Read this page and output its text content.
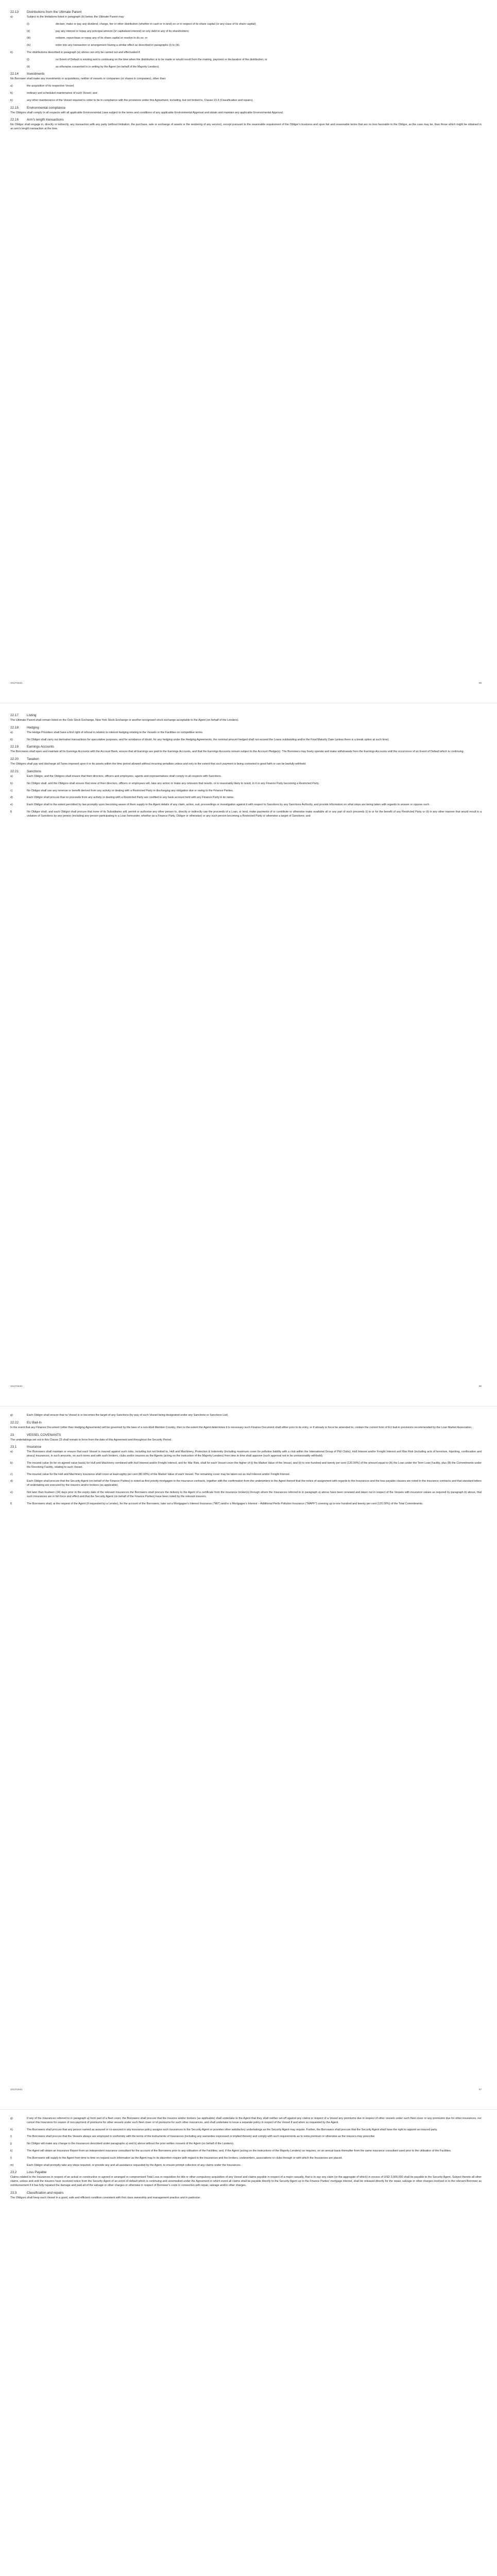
22.13	Distributions from the Ultimate Parent
a)	Subject to the limitations listed in paragraph (b) below, the Ultimate Parent may:
(i)	declare, make or pay any dividend, charge, fee or other distribution (whether in cash or in kind) on or in respect of its share capital (or any class of its share capital);
(ii)	pay any interest or repay any principal amount (or capitalised interest) on any debt to any of its shareholders;
(iii)	redeem, repurchase or repay any of its share capital or resolve to do so; or
(iv)	enter into any transaction or arrangement having a similar effect as described in paragraphs (i) to (iii).
b)	The distributions described in paragraph (a) above can only be carried out and effectuated if:
(i)	no Event of Default is existing and is continuing on the time when the distribution is to be made or would result from the making, payment or declaration of the distribution; or
(ii)	as otherwise consented to in writing by the Agent (on behalf of the Majority Lenders).
22.14	Investments

No Borrower shall make any investments or acquisitions, neither of vessels or companies (or shares in companies), other than:

a)	the acquisition of its respective Vessel;
b)	ordinary and scheduled maintenance of such Vessel; and
b)	any other maintenance of the Vessel required in order to be in compliance with the provisions under this Agreement, including, but not limited to, Clause 23.3 (Classification and repairs).
22.15	Environmental compliance

The Obligors shall comply in all respects with all applicable Environmental Laws subject to the terms and conditions of any applicable Environmental Approval and obtain and maintain any applicable Environmental Approval.

22.16	Arm's length transactions

No Obligor shall engage in, directly or indirectly, any transaction with any party (without limitation, the purchase, sale or exchange of assets or the rendering of any service), except pursuant to the reasonable requirement of the Obligor's business and upon fair and reasonable terms that are no less favorable to the Obligor, as the case may be, than those which might be obtained in an arm's length transaction at the time.

10127164/1	85
22.17	Listing

The Ultimate Parent shall remain listed on the Oslo Stock Exchange, New York Stock Exchange or another recognised stock exchange acceptable to the Agent (on behalf of the Lenders).

22.18	Hedging
a)	The Hedge Providers shall have a first right of refusal in relation to interest hedging relating to the Vessels or the Facilities on competitive terms.
b)	No Obligor shall carry out derivative transactions for speculative purposes, and for avoidance of doubt, for any hedging under the Hedging Agreements, the nominal amount hedged shall not exceed the Loans outstanding and/or the Final Maturity Date (unless there is a break option at such time).
22.19	Earnings Accounts

The Borrowers shall open and maintain all its Earnings Accounts with the Account Bank, ensure that all Earnings are paid to the Earnings Accounts, and that the Earnings Accounts remain subject to the Account Pledge(s). The Borrowers may freely operate and make withdrawals from the Earnings Accounts until the occurrence of an Event of Default which is continuing.

22.20	Taxation

The Obligors shall pay and discharge all Taxes imposed upon it or its assets within the time period allowed without incurring penalties unless and only to the extent that such payment is being contested in good faith or can be lawfully withheld.

22.21	Sanctions
a)	Each Obligor, and the Obligors shall ensure that their directors, officers and employees, agents and representatives shall comply in all respects with Sanctions.
b)	No Obligor shall, and the Obligors shall ensure that none of their directors, officers or employees will, take any action or make any omission that results, or is reasonably likely to result, in it or any Finance Party becoming a Restricted Party.
c)	No Obligor shall use any revenue or benefit derived from any activity or dealing with a Restricted Party in discharging any obligation due or owing to the Finance Parties.
d)	Each Obligor shall procure that no proceeds from any activity or dealing with a Restricted Party are credited to any bank account held with any Finance Party in its name.
e)	Each Obligor shall to the extent permitted by law promptly upon becoming aware of them supply to the Agent details of any claim, action, suit, proceedings or investigation against it with respect to Sanctions by any Sanctions Authority, and provide information on what steps are being taken with regards to answer or oppose such.
f)	No Obligor shall, and each Obligor shall procure that none of its Subsidiaries will, permit or authorise any other person to, directly or indirectly use the proceeds of a Loan, or lend, make payments of or contribute or otherwise make available all or any part of such proceeds (i) to or for the benefit of any Restricted Party or (ii) in any other manner that would result in a violation of Sanctions by any person (including any person participating in a Loan hereunder, whether as a Finance Party, Obligor or otherwise) or any such person becoming a Restricted Party or otherwise a target of Sanctions; and
10127164/1	86
g)	Each Obligor shall ensure that no Vessel is or becomes the target of any Sanctions (by way of such Vessel being designated under any Sanctions or Sanctions List).
22.22	EU Bail-In

In the event that any Finance Document (other than Hedging Agreements) will be governed by the laws of a non-EEA Member Country, then to the extent the Agent determines it is necessary such Finance Document shall either prior to its entry, or if already in force be amended to, contain the current form of EU bail-in provisions recommended by the Loan Market Association.

23	VESSEL COVENANTS

The undertakings set out in this Clause 23 shall remain in force from the date of this Agreement and throughout the Security Period.

23.1	Insurance
a)	The Borrowers shall maintain or ensure that each Vessel is insured against such risks, including but not limited to, Hull and Machinery, Protection & Indemnity (including maximum cover for pollution liability with a club within the International Group of P&I Clubs), Hull Interest and/or Freight Interest and War Risk (including acts of terrorism, hijacking, confiscation and piracy) insurances, in such amounts, on such terms and with such brokers, clubs and/or insurers as the Agents (acting on the instruction of the Majority Lenders) from time to time shall approve (such approval not to be unreasonably withheld).
b)	The insured value (to be on agreed value basis) for Hull and Machinery combined with Hull Interest and/or Freight Interest, and for War Risk, shall for each Vessel cover the higher of (i) the Market Value of the Vessel, and (ii) to one hundred and twenty per cent (120.00%) of the amount equal to (A) the Loan under the Term Loan Facility, plus (B) the Commitments under the Revolving Facility, relating to such Vessel.
c)	The insured value for the Hull and Machinery insurance shall cover at least eighty per cent (80.00%) of the Market Value of each Vessel. The remaining cover may be taken out as Hull Interest and/or Freight Interest.
d)	Each Obligor shall procure that the Security Agent (on behalf of the Finance Parties) is noted as first priority mortgagee in the insurance contracts, together with the confirmation from the underwriters to the Agent thereof that the notice of assignment with regards to the Insurances and the loss payable clauses are noted in the insurance contracts and that standard letters of undertaking are executed by the insurers and/or brokers (as applicable).
e)	Not later than fourteen (14) days prior to the expiry date of the relevant Insurances the Borrowers shall procure the delivery to the Agent of a certificate from the insurance broker(s) through whom the Insurances referred to in paragraph a) above have been renewed and taken out in respect of the Vessels with insurance values as required by paragraph b) above, that such Insurances are in full force and effect and that the Security Agent (on behalf of the Finance Parties) have been noted by the relevant insurers.
f)	The Borrowers shall, at the request of the Agent (if requested by a Lender), for the account of the Borrowers, take out a Mortgagee's Interest Insurance ("MII") and/or a Mortgagee's Interest – Additional Perils Pollution Insurance ("MAPP") covering up to one hundred and twenty per cent (120.00%) of the Total Commitments.
10127164/1	87
g)	If any of the Insurances referred to in paragraph a) form part of a fleet cover, the Borrowers shall procure that the insurers and/or brokers (as applicable) shall undertake to the Agent that they shall neither set-off against any claims in respect of a Vessel any premiums due in respect of other vessels under such fleet cover or any premiums due for other insurances, nor cancel this Insurance for reason of non-payment of premiums for other vessels under such fleet cover or of premiums for such other insurances, and shall undertake to issue a separate policy in respect of the Vessel if and when so requested by the Agent.
h)	The Borrowers shall procure that any person named as assured or co-assured in any insurance policy assigns such insurances to the Security Agent or provides other satisfactory undertakings as the Security Agent may require. Further, the Borrowers shall procure that the Security Agent shall have the right to appoint an insured party.
i)	The Borrowers shall procure that the Vessels always are employed in conformity with the terms of the instruments of Insurances (including any warranties expressed or implied therein) and comply with such requirements as to extra premium or otherwise as the insurers may prescribe.
j)	No Obligor will make any change to the Insurances described under paragraphs a) and b) above without the prior written consent of the Agent (on behalf of the Lenders).
k)	The Agent will obtain an Insurance Report from an independent insurance consultant for the account of the Borrowers prior to any utilisation of the Facilities, and, if the Agent (acting on the instructions of the Majority Lenders) so requires, on an annual basis thereafter from the same insurance consultant used prior to the utilisation of the Facilities.
l)	The Borrowers will supply to the Agent from time to time on request such information as the Agent may in its discretion require with regard to the Insurances and the brokers, underwriters, associations or clubs through or with which the Insurances are placed.
m)	Each Obligor shall promptly take any steps required, or provide any and all assistance requested by the Agent, to ensure prompt collection of any claims under the Insurances.
23.2	Loss Payable

Claims related to the Insurances in respect of an actual or constructive or agreed or arranged or compromised Total Loss or requisition for title or other compulsory acquisition of any Vessel and claims payable in respect of a major casualty, that is to say any claim (or the aggregate of which) in excess of USD 3,000,000 shall be payable to the Security Agent. Subject thereto all other claims, unless and until the insurers have received notice from the Security Agent of an event of default which is continuing and unremedied under the Agreement in which event all claims shall be payable directly to the Security Agent up to the Finance Parties' mortgage interest, shall be released directly for the repair, salvage or other charges involved or to the relevant Borrower as reimbursement if it has fully repaired the damage and paid all of the salvage or other charges or otherwise in respect of Borrower's costs in connection with repair, salvage and/or other charges.

23.3	Classification and repairs

The Obligors shall keep each Vessel in a good, safe and efficient condition consistent with first class ownership and management practice and in particular:
